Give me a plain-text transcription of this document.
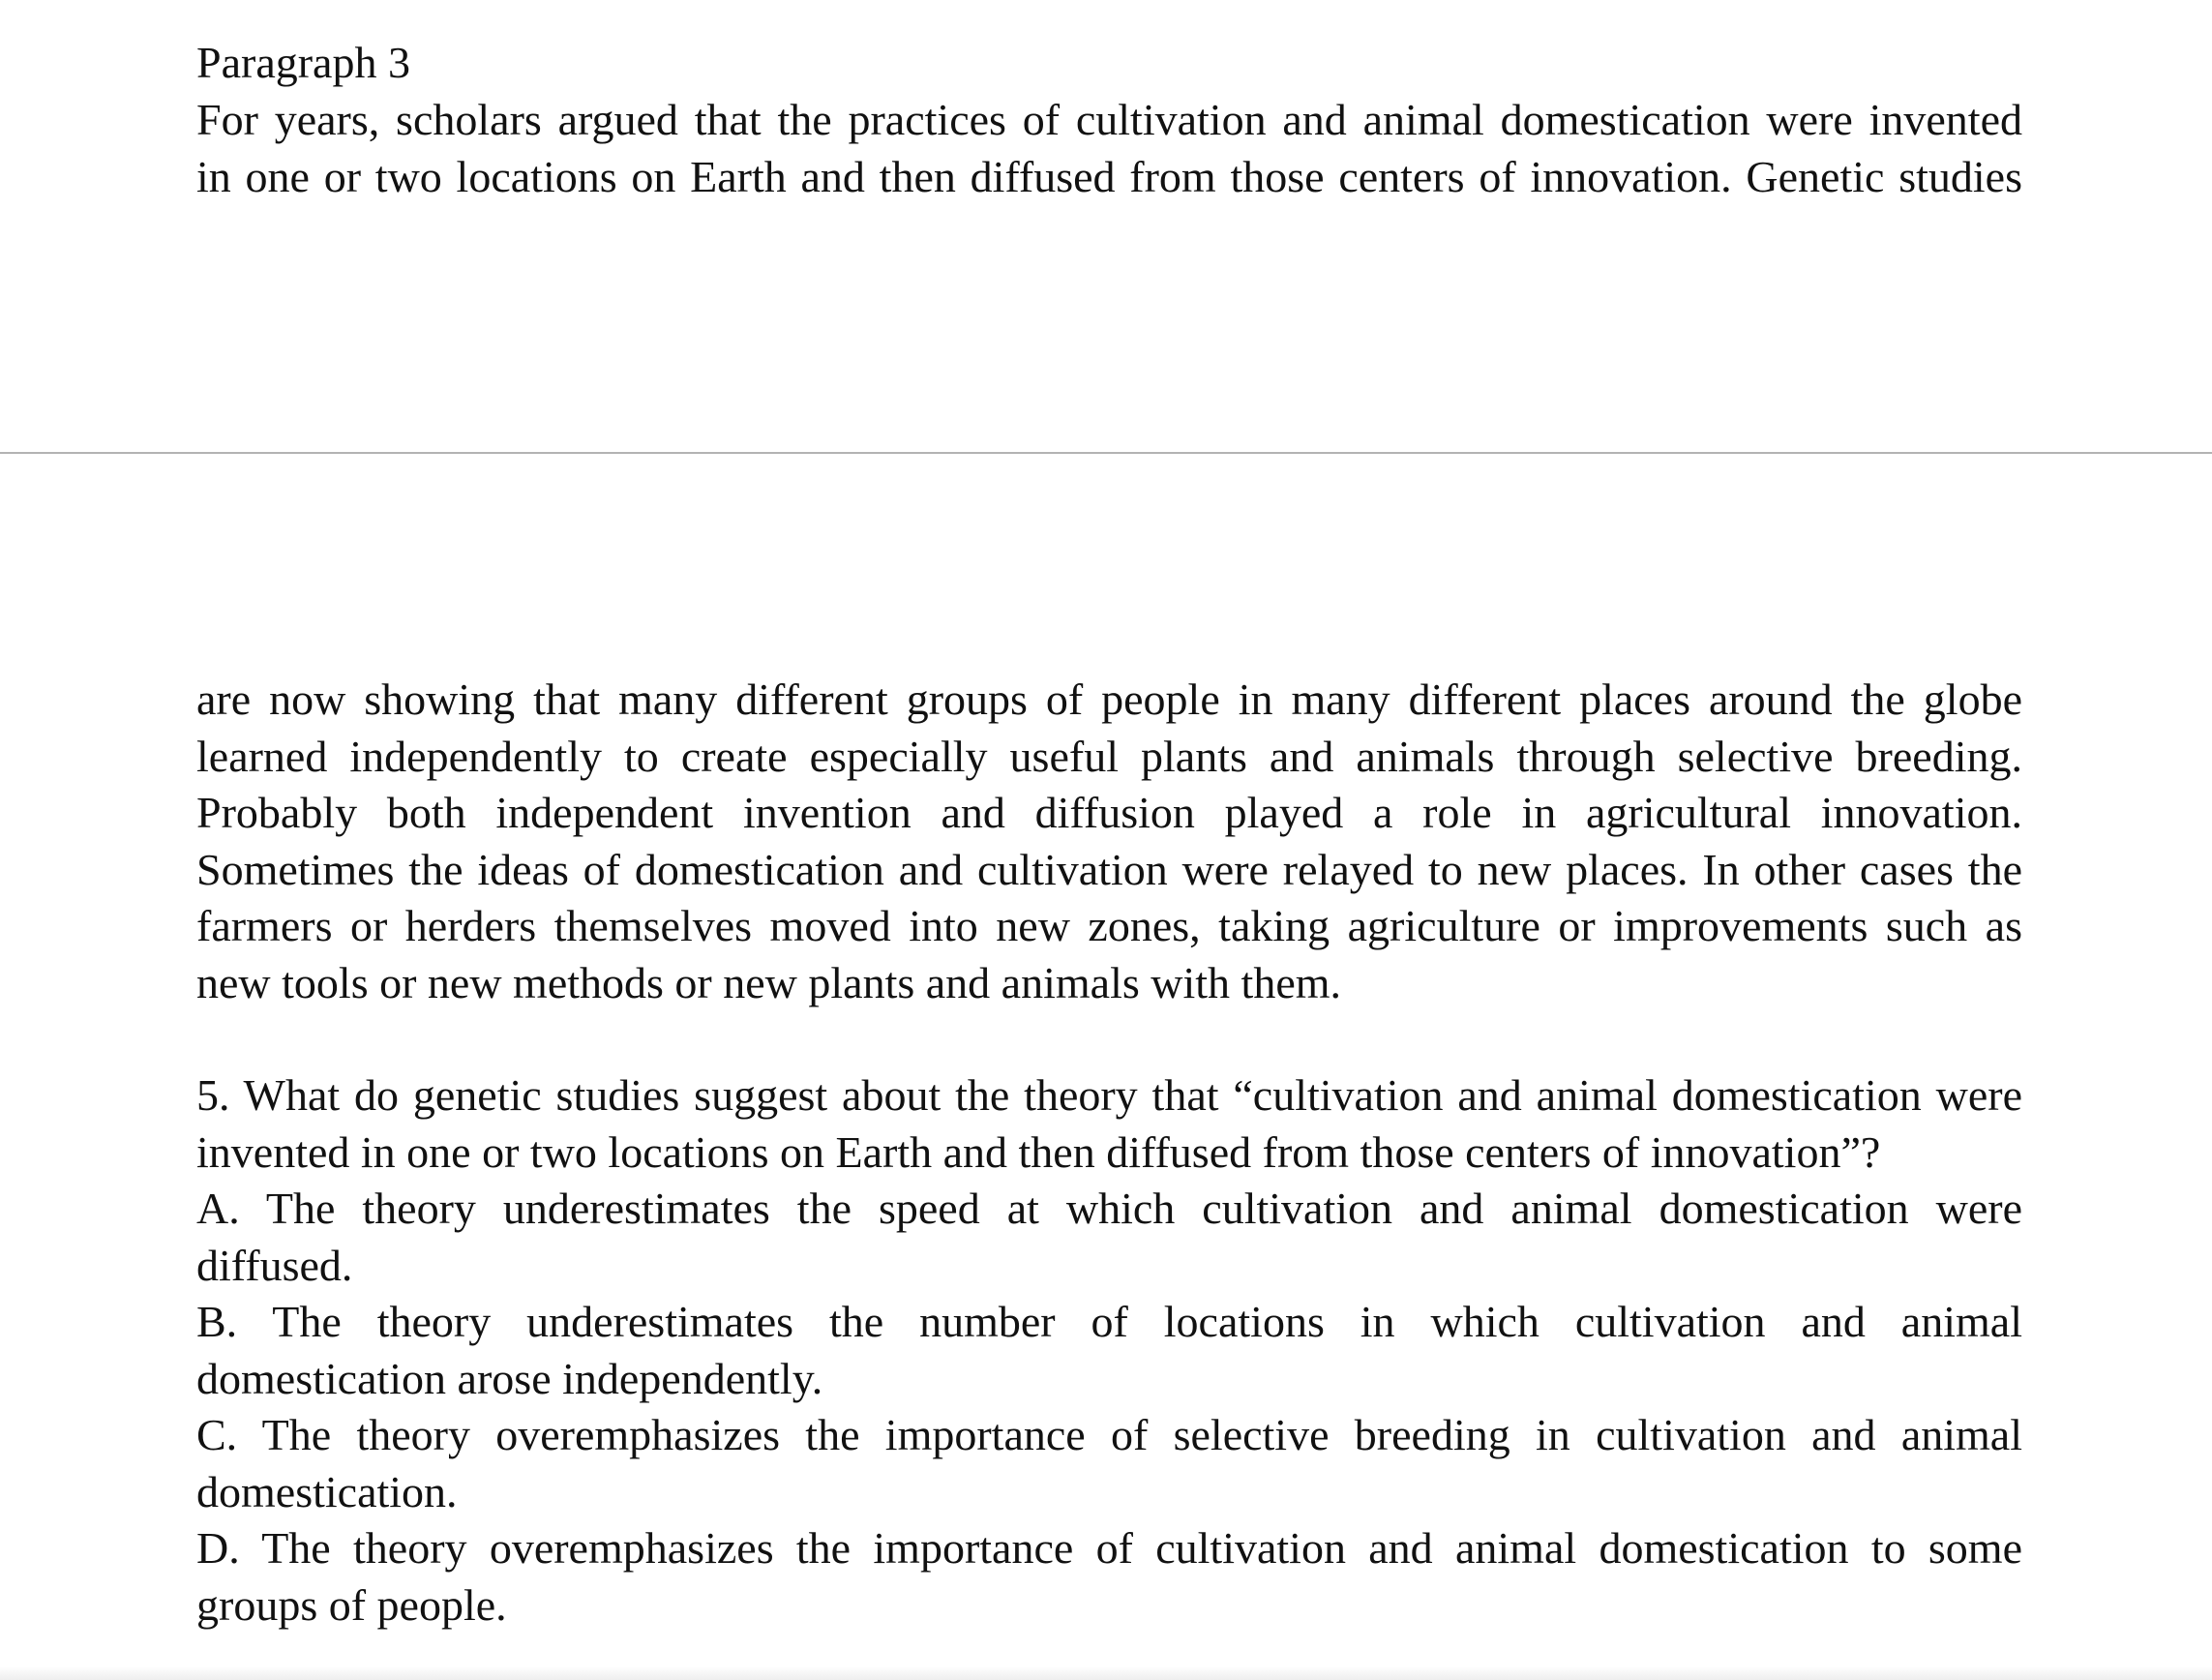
Paragraph 3
For years, scholars argued that the practices of cultivation and animal domestication were invented
in one or two locations on Earth and then diffused from those centers of innovation. Genetic studies
are now showing that many different groups of people in many different places around the globe
learned independently to create especially useful plants and animals through selective breeding.
Probably both independent invention and diffusion played a role in agricultural innovation.
Sometimes the ideas of domestication and cultivation were relayed to new places. In other cases the
farmers or herders themselves moved into new zones, taking agriculture or improvements such as
new tools or new methods or new plants and animals with them.
5. What do genetic studies suggest about the theory that “cultivation and animal domestication were
invented in one or two locations on Earth and then diffused from those centers of innovation”?
A. The theory underestimates the speed at which cultivation and animal domestication were
diffused.
B. The theory underestimates the number of locations in which cultivation and animal
domestication arose independently.
C. The theory overemphasizes the importance of selective breeding in cultivation and animal
domestication.
D. The theory overemphasizes the importance of cultivation and animal domestication to some
groups of people.
